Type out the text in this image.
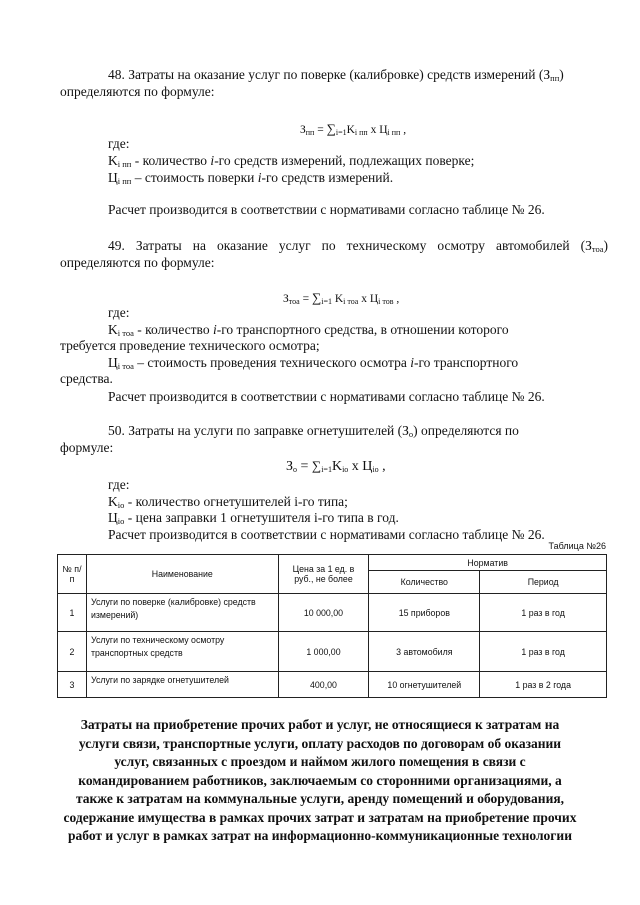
48. Затраты на оказание услуг по поверке (калибровке) средств измерений $(З_{пп})$
определяются по формуле:
$З_{пп} = \sum_{i=1}K_{i пп}$ x $Ц_{i пп}$ ,
где:
$K_{i пп}$ - количество i-го средств измерений, подлежащих поверке;
$Ц_{i пп}$ – стоимость поверки i-го средств измерений.
Расчет производится в соответствии с нормативами согласно таблице № 26.
49. Затраты на оказание услуг по техническому осмотру автомобилей $(З_{тоа})$
определяются по формуле:
$З_{тоа} = \sum_{i=1}$ $K_{i тоа}$ x $Ц_{i тов}$ ,
где:
$K_{i тоа}$ - количество i-го транспортного средства, в отношении которого
требуется проведение технического осмотра;
$Ц_{i тоа}$ – стоимость проведения технического осмотра i-го транспортного
средства.
Расчет производится в соответствии с нормативами согласно таблице № 26.
50. Затраты на услуги по заправке огнетушителей $(З_о)$ определяются по
формуле:
$З_о = \sum_{i=1}K_{io}$ x $Ц_{io}$ ,
где:
$K_{io}$ - количество огнетушителей i-го типа;
$Ц_{io}$ - цена заправки 1 огнетушителя i-го типа в год.
Расчет производится в соответствии с нормативами согласно таблице № 26.
Таблица №26
№ п/п	Наименование	Цена за 1 ед. в руб., не более	Норматив	
			Количество	Период
1	Услуги по поверке (калибровке) средств измерений)	10 000,00	15 приборов	1 раз в год
2	Услуги по техническому осмотру транспортных средств	1 000,00	3 автомобиля	1 раз в год
3	Услуги по зарядке огнетушителей	400,00	10 огнетушителей	1 раз в 2 года
Затраты на приобретение прочих работ и услуг, не относящиеся к затратам на услуги связи, транспортные услуги, оплату расходов по договорам об оказании услуг, связанных с проездом и наймом жилого помещения в связи с командированием работников, заключаемым со сторонними организациями, а также к затратам на коммунальные услуги, аренду помещений и оборудования, содержание имущества в рамках прочих затрат и затратам на приобретение прочих работ и услуг в рамках затрат на информационно-коммуникационные технологии
